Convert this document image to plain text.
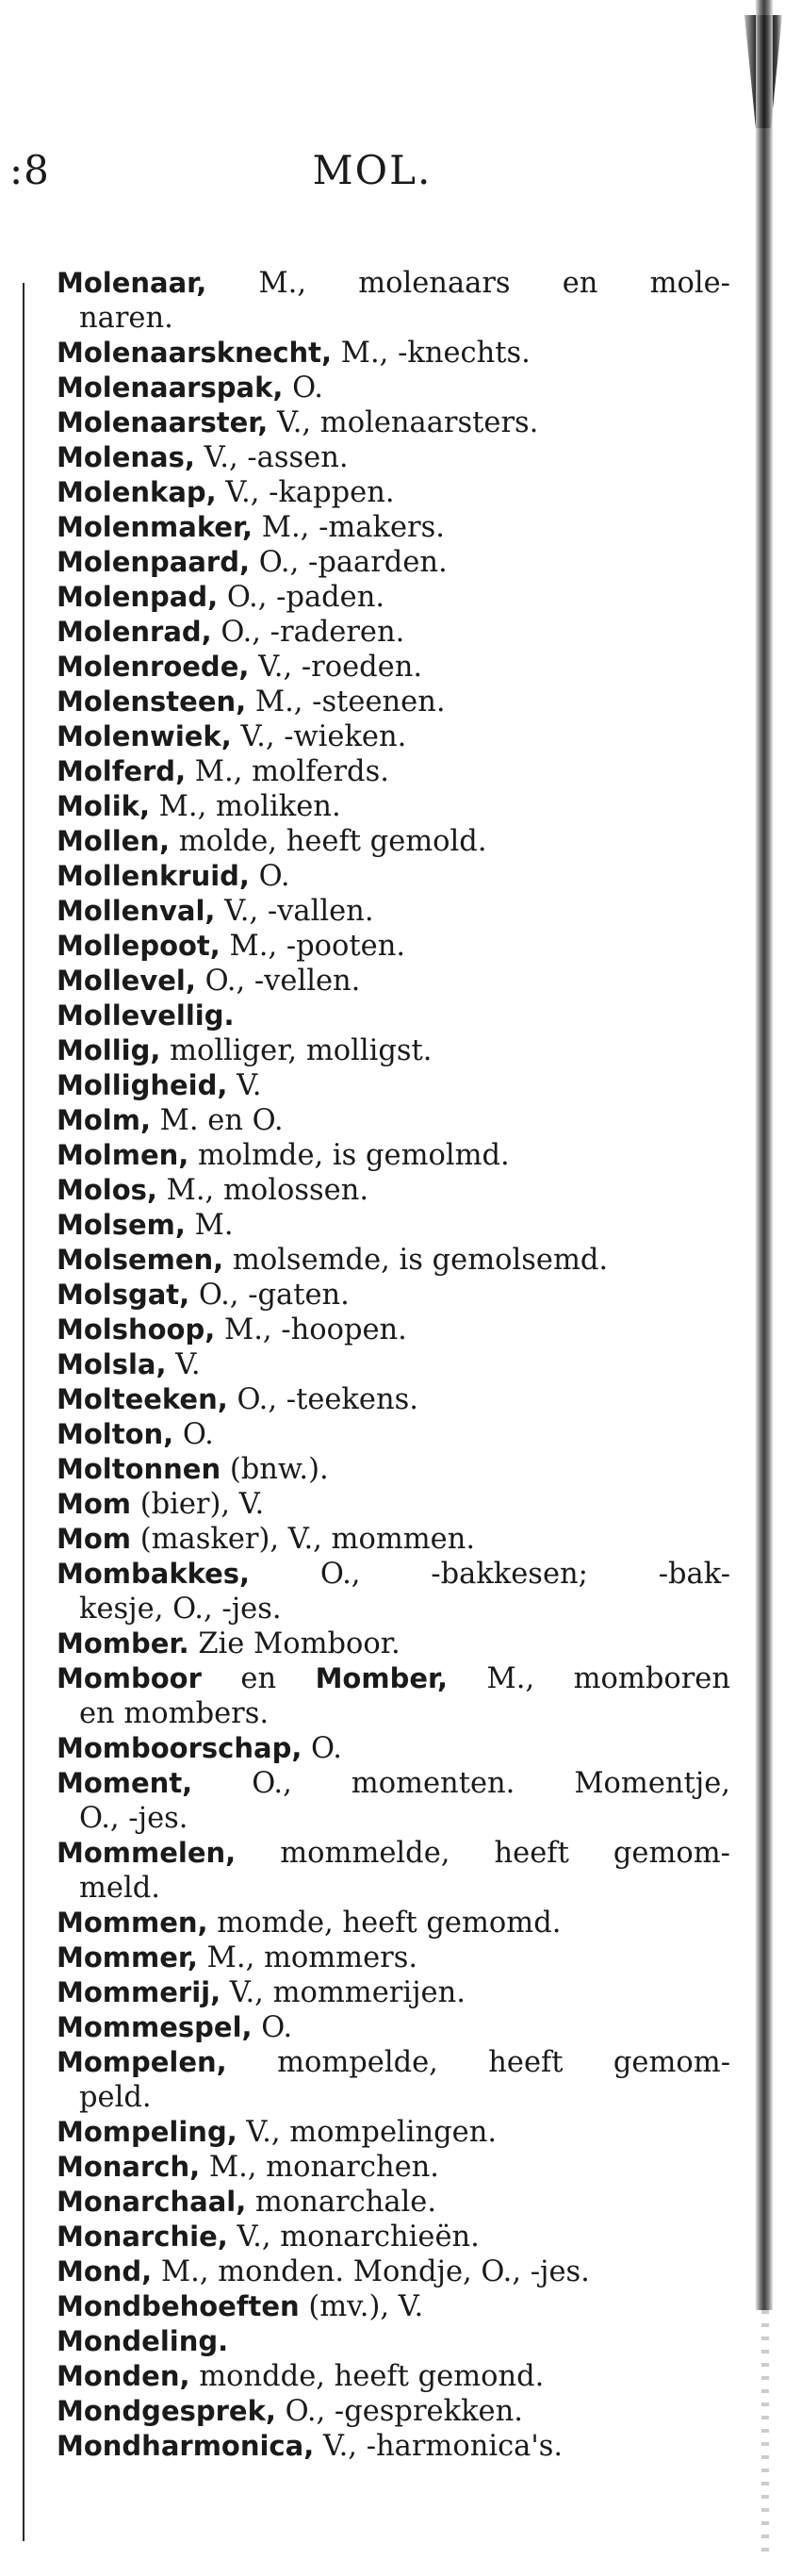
:8	MOL.
Molenaar, M., molenaars en mole-
naren.
Molenaarsknecht, M., -knechts.
Molenaarspak, O.
Molenaarster, V., molenaarsters.
Molenas, V., -assen.
Molenkap, V., -kappen.
Molenmaker, M., -makers.
Molenpaard, O., -paarden.
Molenpad, O., -paden.
Molenrad, O., -raderen.
Molenroede, V., -roeden.
Molensteen, M., -steenen.
Molenwiek, V., -wieken.
Molferd, M., molferds.
Molik, M., moliken.
Mollen, molde, heeft gemold.
Mollenkruid, O.
Mollenval, V., -vallen.
Mollepoot, M., -pooten.
Mollevel, O., -vellen.
Mollevellig.
Mollig, molliger, molligst.
Molligheid, V.
Molm, M. en O.
Molmen, molmde, is gemolmd.
Molos, M., molossen.
Molsem, M.
Molsemen, molsemde, is gemolsemd.
Molsgat, O., -gaten.
Molshoop, M., -hoopen.
Molsla, V.
Molteeken, O., -teekens.
Molton, O.
Moltonnen (bnw.).
Mom (bier), V.
Mom (masker), V., mommen.
Mombakkes, O., -bakkesen; -bak-
kesje, O., -jes.
Momber. Zie Momboor.
Momboor en Momber, M., momboren
en mombers.
Momboorschap, O.
Moment, O., momenten. Momentje,
O., -jes.
Mommelen, mommelde, heeft gemom-
meld.
Mommen, momde, heeft gemomd.
Mommer, M., mommers.
Mommerij, V., mommerijen.
Mommespel, O.
Mompelen, mompelde, heeft gemom-
peld.
Mompeling, V., mompelingen.
Monarch, M., monarchen.
Monarchaal, monarchale.
Monarchie, V., monarchieën.
Mond, M., monden. Mondje, O., -jes.
Mondbehoeften (mv.), V.
Mondeling.
Monden, mondde, heeft gemond.
Mondgesprek, O., -gesprekken.
Mondharmonica, V., -harmonica's.
